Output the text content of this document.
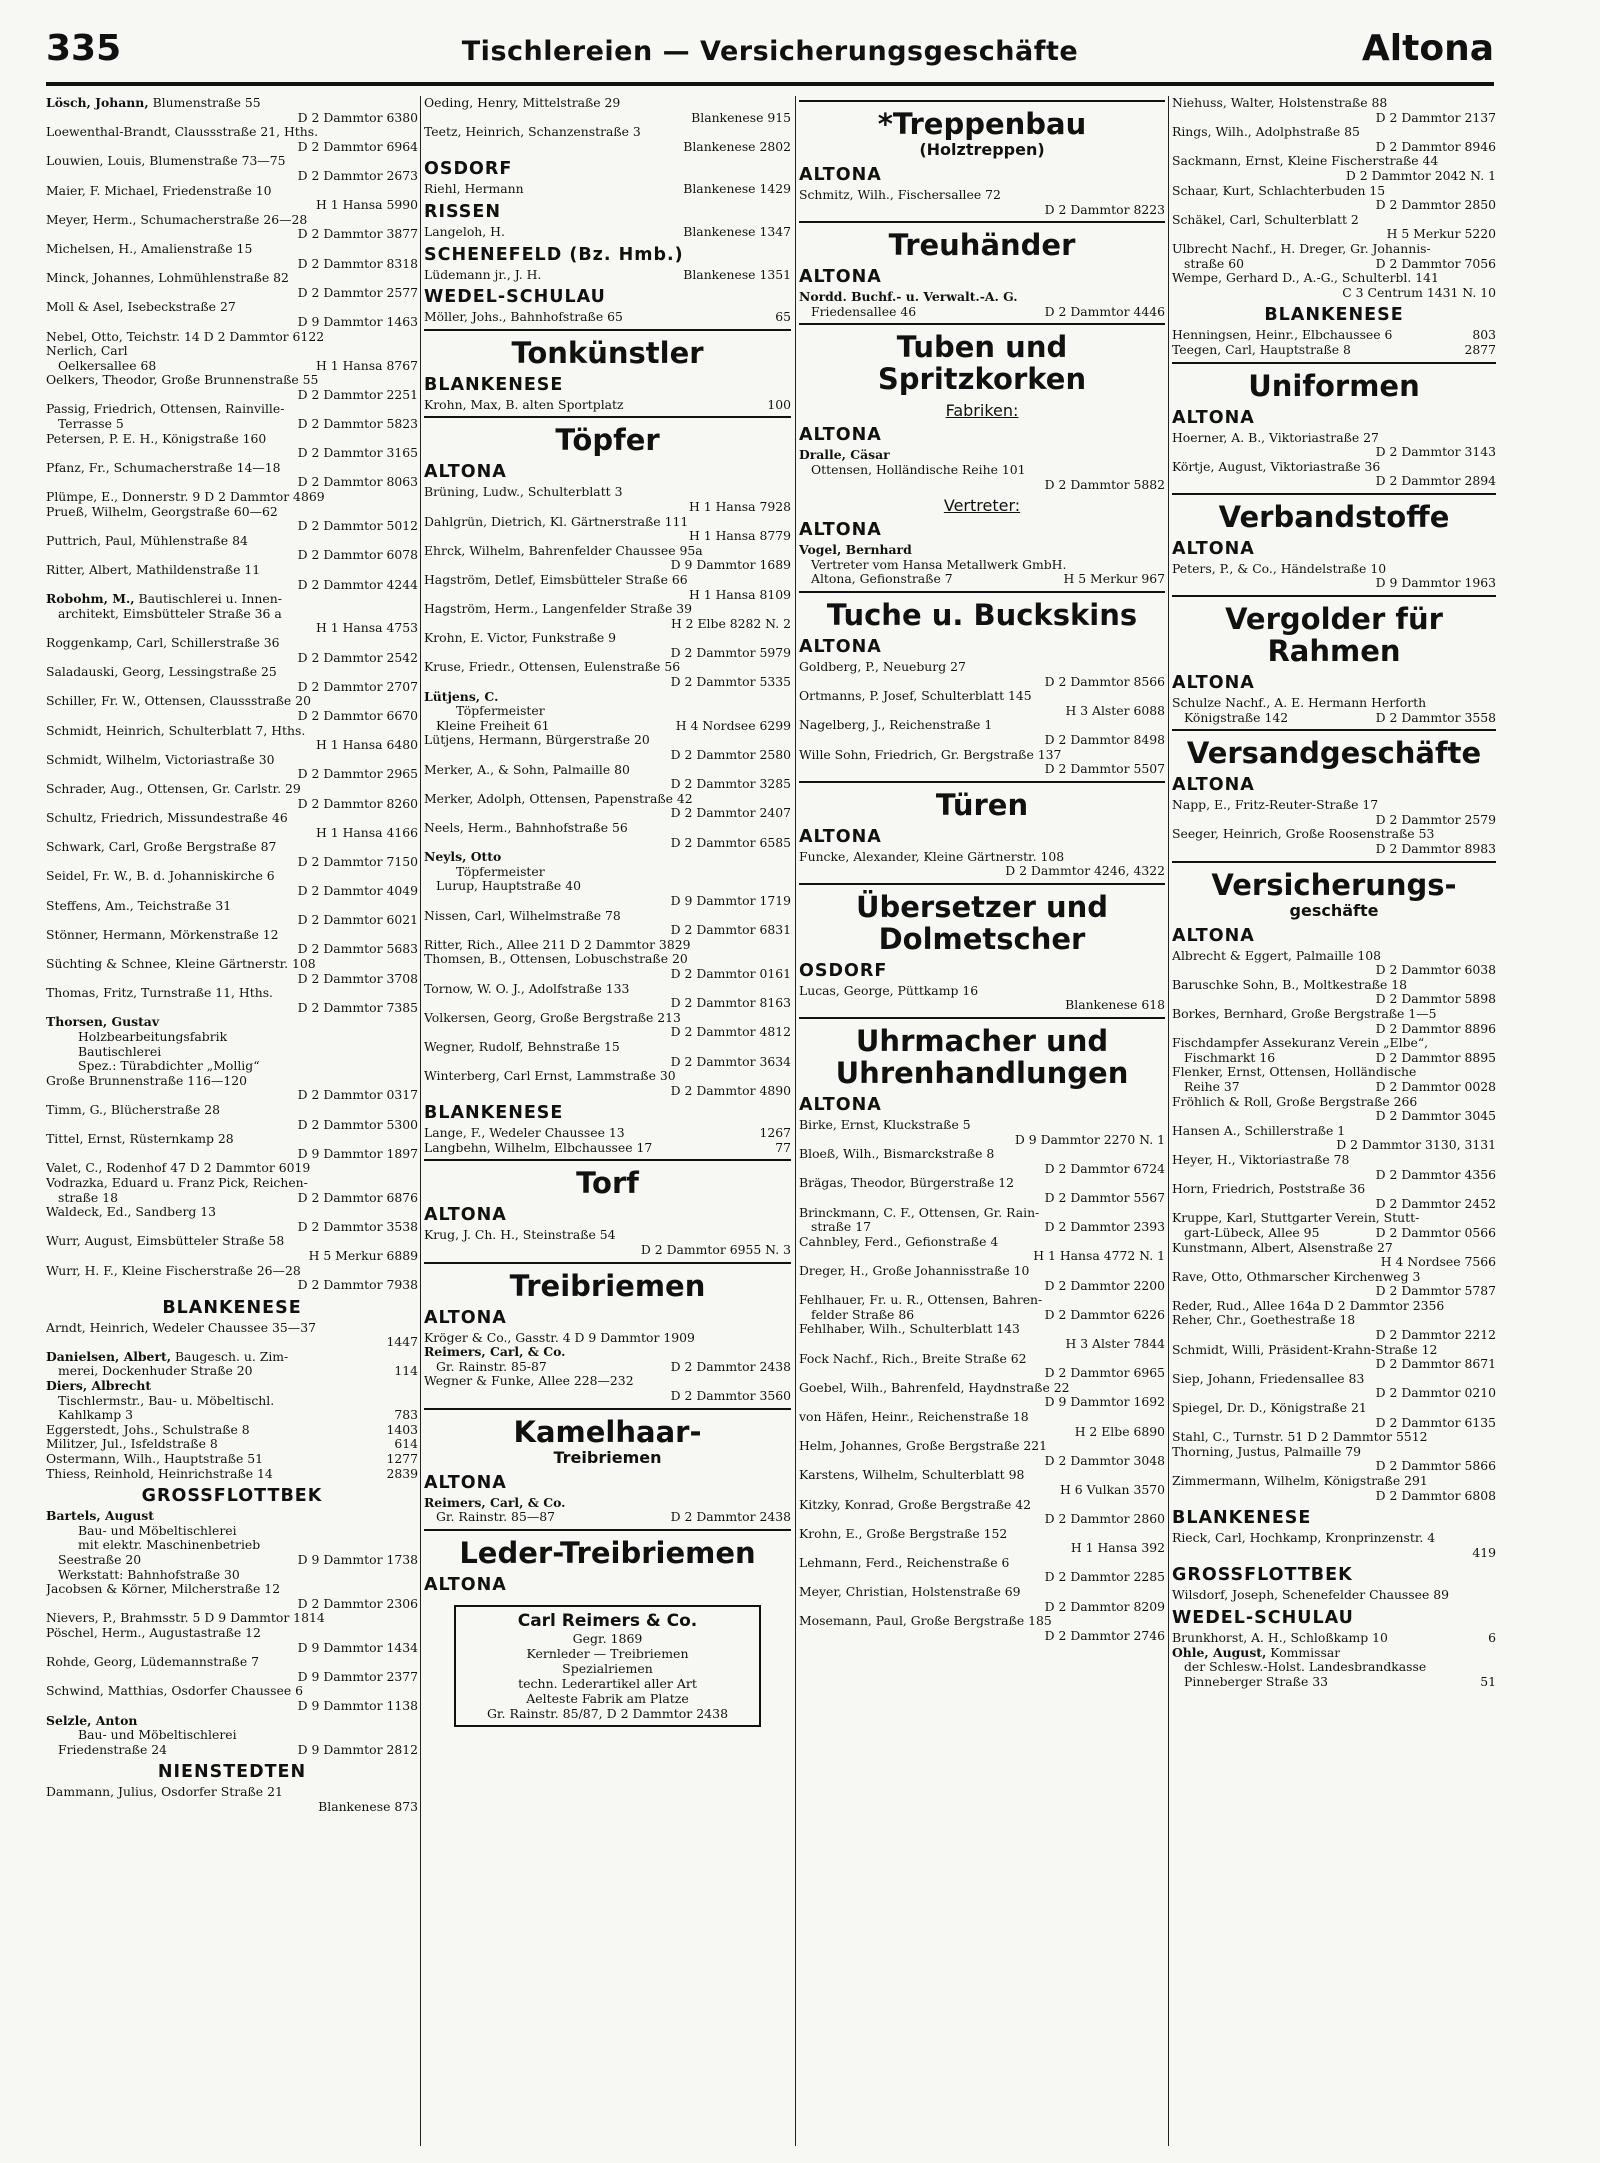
335	Tischlereien — Versicherungsgeschäfte	Altona
Lösch, Johann, Blumenstraße 55
D 2 Dammtor 6380
Loewenthal-Brandt, Claussstraße 21, Hths.
D 2 Dammtor 6964
Louwien, Louis, Blumenstraße 73—75
D 2 Dammtor 2673
Maier, F. Michael, Friedenstraße 10
H 1 Hansa 5990
Meyer, Herm., Schumacherstraße 26—28
D 2 Dammtor 3877
Michelsen, H., Amalienstraße 15
D 2 Dammtor 8318
Minck, Johannes, Lohmühlenstraße 82
D 2 Dammtor 2577
Moll & Asel, Isebeckstraße 27
D 9 Dammtor 1463
Nebel, Otto, Teichstr. 14 D 2 Dammtor 6122
Nerlich, Carl
Oelkersallee 68	H 1 Hansa 8767
Oelkers, Theodor, Große Brunnenstraße 55
D 2 Dammtor 2251
Passig, Friedrich, Ottensen, Rainville-
Terrasse 5	D 2 Dammtor 5823
Petersen, P. E. H., Königstraße 160
D 2 Dammtor 3165
Pfanz, Fr., Schumacherstraße 14—18
D 2 Dammtor 8063
Plümpe, E., Donnerstr. 9 D 2 Dammtor 4869
Prueß, Wilhelm, Georgstraße 60—62
D 2 Dammtor 5012
Puttrich, Paul, Mühlenstraße 84
D 2 Dammtor 6078
Ritter, Albert, Mathildenstraße 11
D 2 Dammtor 4244
Robohm, M., Bautischlerei u. Innen-
architekt, Eimsbütteler Straße 36 a
H 1 Hansa 4753
Roggenkamp, Carl, Schillerstraße 36
D 2 Dammtor 2542
Saladauski, Georg, Lessingstraße 25
D 2 Dammtor 2707
Schiller, Fr. W., Ottensen, Claussstraße 20
D 2 Dammtor 6670
Schmidt, Heinrich, Schulterblatt 7, Hths.
H 1 Hansa 6480
Schmidt, Wilhelm, Victoriastraße 30
D 2 Dammtor 2965
Schrader, Aug., Ottensen, Gr. Carlstr. 29
D 2 Dammtor 8260
Schultz, Friedrich, Missundestraße 46
H 1 Hansa 4166
Schwark, Carl, Große Bergstraße 87
D 2 Dammtor 7150
Seidel, Fr. W., B. d. Johanniskirche 6
D 2 Dammtor 4049
Steffens, Am., Teichstraße 31
D 2 Dammtor 6021
Stönner, Hermann, Mörkenstraße 12
D 2 Dammtor 5683
Süchting & Schnee, Kleine Gärtnerstr. 108
D 2 Dammtor 3708
Thomas, Fritz, Turnstraße 11, Hths.
D 2 Dammtor 7385
Thorsen, Gustav
Holzbearbeitungsfabrik
Bautischlerei
Spez.: Türabdichter „Mollig“
Große Brunnenstraße 116—120
D 2 Dammtor 0317
Timm, G., Blücherstraße 28
D 2 Dammtor 5300
Tittel, Ernst, Rüsternkamp 28
D 9 Dammtor 1897
Valet, C., Rodenhof 47 D 2 Dammtor 6019
Vodrazka, Eduard u. Franz Pick, Reichen-
straße 18	D 2 Dammtor 6876
Waldeck, Ed., Sandberg 13
D 2 Dammtor 3538
Wurr, August, Eimsbütteler Straße 58
H 5 Merkur 6889
Wurr, H. F., Kleine Fischerstraße 26—28
D 2 Dammtor 7938
BLANKENESE
Arndt, Heinrich, Wedeler Chaussee 35—37
1447
Danielsen, Albert, Baugesch. u. Zim-
merei, Dockenhuder Straße 20	114
Diers, Albrecht
Tischlermstr., Bau- u. Möbeltischl.
Kahlkamp 3	783
Eggerstedt, Johs., Schulstraße 8	1403
Militzer, Jul., Isfeldstraße 8	614
Ostermann, Wilh., Hauptstraße 51	1277
Thiess, Reinhold, Heinrichstraße 14	2839
GROSSFLOTTBEK
Bartels, August
Bau- und Möbeltischlerei
mit elektr. Maschinenbetrieb
Seestraße 20	D 9 Dammtor 1738
Werkstatt: Bahnhofstraße 30
Jacobsen & Körner, Milcherstraße 12
D 2 Dammtor 2306
Nievers, P., Brahmsstr. 5 D 9 Dammtor 1814
Pöschel, Herm., Augustastraße 12
D 9 Dammtor 1434
Rohde, Georg, Lüdemannstraße 7
D 9 Dammtor 2377
Schwind, Matthias, Osdorfer Chaussee 6
D 9 Dammtor 1138
Selzle, Anton
Bau- und Möbeltischlerei
Friedenstraße 24	D 9 Dammtor 2812
NIENSTEDTEN
Dammann, Julius, Osdorfer Straße 21
Blankenese 873
Oeding, Henry, Mittelstraße 29
Blankenese 915
Teetz, Heinrich, Schanzenstraße 3
Blankenese 2802
OSDORF
Riehl, Hermann	Blankenese 1429
RISSEN
Langeloh, H.	Blankenese 1347
SCHENEFELD (Bz. Hmb.)
Lüdemann jr., J. H.	Blankenese 1351
WEDEL-SCHULAU
Möller, Johs., Bahnhofstraße 65	65
Tonkünstler
BLANKENESE
Krohn, Max, B. alten Sportplatz	100
Töpfer
ALTONA
Brüning, Ludw., Schulterblatt 3
H 1 Hansa 7928
Dahlgrün, Dietrich, Kl. Gärtnerstraße 111
H 1 Hansa 8779
Ehrck, Wilhelm, Bahrenfelder Chaussee 95a
D 9 Dammtor 1689
Hagström, Detlef, Eimsbütteler Straße 66
H 1 Hansa 8109
Hagström, Herm., Langenfelder Straße 39
H 2 Elbe 8282 N. 2
Krohn, E. Victor, Funkstraße 9
D 2 Dammtor 5979
Kruse, Friedr., Ottensen, Eulenstraße 56
D 2 Dammtor 5335
Lütjens, C.
Töpfermeister
Kleine Freiheit 61	H 4 Nordsee 6299
Lütjens, Hermann, Bürgerstraße 20
D 2 Dammtor 2580
Merker, A., & Sohn, Palmaille 80
D 2 Dammtor 3285
Merker, Adolph, Ottensen, Papenstraße 42
D 2 Dammtor 2407
Neels, Herm., Bahnhofstraße 56
D 2 Dammtor 6585
Neyls, Otto
Töpfermeister
Lurup, Hauptstraße 40
D 9 Dammtor 1719
Nissen, Carl, Wilhelmstraße 78
D 2 Dammtor 6831
Ritter, Rich., Allee 211 D 2 Dammtor 3829
Thomsen, B., Ottensen, Lobuschstraße 20
D 2 Dammtor 0161
Tornow, W. O. J., Adolfstraße 133
D 2 Dammtor 8163
Volkersen, Georg, Große Bergstraße 213
D 2 Dammtor 4812
Wegner, Rudolf, Behnstraße 15
D 2 Dammtor 3634
Winterberg, Carl Ernst, Lammstraße 30
D 2 Dammtor 4890
BLANKENESE
Lange, F., Wedeler Chaussee 13	1267
Langbehn, Wilhelm, Elbchaussee 17	77
Torf
ALTONA
Krug, J. Ch. H., Steinstraße 54
D 2 Dammtor 6955 N. 3
Treibriemen
ALTONA
Kröger & Co., Gasstr. 4 D 9 Dammtor 1909
Reimers, Carl, & Co.
Gr. Rainstr. 85-87	D 2 Dammtor 2438
Wegner & Funke, Allee 228—232
D 2 Dammtor 3560
Kamelhaar-
Treibriemen
ALTONA
Reimers, Carl, & Co.
Gr. Rainstr. 85—87	D 2 Dammtor 2438
Leder-Treibriemen
ALTONA
Carl Reimers & Co.
Gegr. 1869
Kernleder — Treibriemen
Spezialriemen
techn. Lederartikel aller Art
Aelteste Fabrik am Platze
Gr. Rainstr. 85/87, D 2 Dammtor 2438
*Treppenbau
(Holztreppen)
ALTONA
Schmitz, Wilh., Fischersallee 72
D 2 Dammtor 8223
Treuhänder
ALTONA
Nordd. Buchf.- u. Verwalt.-A. G.
Friedensallee 46	D 2 Dammtor 4446
Tuben und Spritzkorken
Fabriken:
ALTONA
Dralle, Cäsar
Ottensen, Holländische Reihe 101
D 2 Dammtor 5882
Vertreter:
ALTONA
Vogel, Bernhard
Vertreter vom Hansa Metallwerk GmbH.
Altona, Gefionstraße 7	H 5 Merkur 967
Tuche u. Buckskins
ALTONA
Goldberg, P., Neueburg 27
D 2 Dammtor 8566
Ortmanns, P. Josef, Schulterblatt 145
H 3 Alster 6088
Nagelberg, J., Reichenstraße 1
D 2 Dammtor 8498
Wille Sohn, Friedrich, Gr. Bergstraße 137
D 2 Dammtor 5507
Türen
ALTONA
Funcke, Alexander, Kleine Gärtnerstr. 108
D 2 Dammtor 4246, 4322
Übersetzer und Dolmetscher
OSDORF
Lucas, George, Püttkamp 16
Blankenese 618
Uhrmacher und Uhrenhandlungen
ALTONA
Birke, Ernst, Kluckstraße 5
D 9 Dammtor 2270 N. 1
Bloeß, Wilh., Bismarckstraße 8
D 2 Dammtor 6724
Brägas, Theodor, Bürgerstraße 12
D 2 Dammtor 5567
Brinckmann, C. F., Ottensen, Gr. Rain-
straße 17	D 2 Dammtor 2393
Cahnbley, Ferd., Gefionstraße 4
H 1 Hansa 4772 N. 1
Dreger, H., Große Johannisstraße 10
D 2 Dammtor 2200
Fehlhauer, Fr. u. R., Ottensen, Bahren-
felder Straße 86	D 2 Dammtor 6226
Fehlhaber, Wilh., Schulterblatt 143
H 3 Alster 7844
Fock Nachf., Rich., Breite Straße 62
D 2 Dammtor 6965
Goebel, Wilh., Bahrenfeld, Haydnstraße 22
D 9 Dammtor 1692
von Häfen, Heinr., Reichenstraße 18
H 2 Elbe 6890
Helm, Johannes, Große Bergstraße 221
D 2 Dammtor 3048
Karstens, Wilhelm, Schulterblatt 98
H 6 Vulkan 3570
Kitzky, Konrad, Große Bergstraße 42
D 2 Dammtor 2860
Krohn, E., Große Bergstraße 152
H 1 Hansa 392
Lehmann, Ferd., Reichenstraße 6
D 2 Dammtor 2285
Meyer, Christian, Holstenstraße 69
D 2 Dammtor 8209
Mosemann, Paul, Große Bergstraße 185
D 2 Dammtor 2746
Niehuss, Walter, Holstenstraße 88
D 2 Dammtor 2137
Rings, Wilh., Adolphstraße 85
D 2 Dammtor 8946
Sackmann, Ernst, Kleine Fischerstraße 44
D 2 Dammtor 2042 N. 1
Schaar, Kurt, Schlachterbuden 15
D 2 Dammtor 2850
Schäkel, Carl, Schulterblatt 2
H 5 Merkur 5220
Ulbrecht Nachf., H. Dreger, Gr. Johannis-
straße 60	D 2 Dammtor 7056
Wempe, Gerhard D., A.-G., Schulterbl. 141
C 3 Centrum 1431 N. 10
BLANKENESE
Henningsen, Heinr., Elbchaussee 6	803
Teegen, Carl, Hauptstraße 8	2877
Uniformen
ALTONA
Hoerner, A. B., Viktoriastraße 27
D 2 Dammtor 3143
Körtje, August, Viktoriastraße 36
D 2 Dammtor 2894
Verbandstoffe
ALTONA
Peters, P., & Co., Händelstraße 10
D 9 Dammtor 1963
Vergolder für Rahmen
ALTONA
Schulze Nachf., A. E. Hermann Herforth
Königstraße 142	D 2 Dammtor 3558
Versandgeschäfte
ALTONA
Napp, E., Fritz-Reuter-Straße 17
D 2 Dammtor 2579
Seeger, Heinrich, Große Roosenstraße 53
D 2 Dammtor 8983
Versicherungs-
geschäfte
ALTONA
Albrecht & Eggert, Palmaille 108
D 2 Dammtor 6038
Baruschke Sohn, B., Moltkestraße 18
D 2 Dammtor 5898
Borkes, Bernhard, Große Bergstraße 1—5
D 2 Dammtor 8896
Fischdampfer Assekuranz Verein „Elbe“,
Fischmarkt 16	D 2 Dammtor 8895
Flenker, Ernst, Ottensen, Holländische
Reihe 37	D 2 Dammtor 0028
Fröhlich & Roll, Große Bergstraße 266
D 2 Dammtor 3045
Hansen A., Schillerstraße 1
D 2 Dammtor 3130, 3131
Heyer, H., Viktoriastraße 78
D 2 Dammtor 4356
Horn, Friedrich, Poststraße 36
D 2 Dammtor 2452
Kruppe, Karl, Stuttgarter Verein, Stutt-
gart-Lübeck, Allee 95	D 2 Dammtor 0566
Kunstmann, Albert, Alsenstraße 27
H 4 Nordsee 7566
Rave, Otto, Othmarscher Kirchenweg 3
D 2 Dammtor 5787
Reder, Rud., Allee 164a D 2 Dammtor 2356
Reher, Chr., Goethestraße 18
D 2 Dammtor 2212
Schmidt, Willi, Präsident-Krahn-Straße 12
D 2 Dammtor 8671
Siep, Johann, Friedensallee 83
D 2 Dammtor 0210
Spiegel, Dr. D., Königstraße 21
D 2 Dammtor 6135
Stahl, C., Turnstr. 51 D 2 Dammtor 5512
Thorning, Justus, Palmaille 79
D 2 Dammtor 5866
Zimmermann, Wilhelm, Königstraße 291
D 2 Dammtor 6808
BLANKENESE
Rieck, Carl, Hochkamp, Kronprinzenstr. 4
419
GROSSFLOTTBEK
Wilsdorf, Joseph, Schenefelder Chaussee 89
WEDEL-SCHULAU
Brunkhorst, A. H., Schloßkamp 10	6
Ohle, August, Kommissar
der Schlesw.-Holst. Landesbrandkasse
Pinneberger Straße 33	51
